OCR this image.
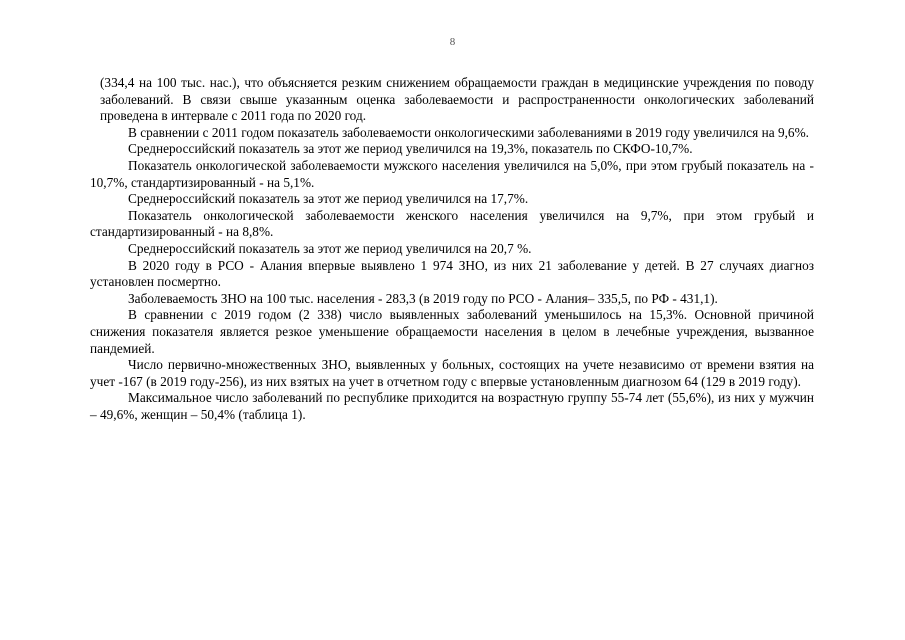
8

(334,4 на 100 тыс. нас.), что объясняется резким снижением обращаемости граждан в медицинские учреждения по поводу заболеваний. В связи свыше указанным оценка заболеваемости и распространенности онкологических заболеваний проведена в интервале с 2011 года по 2020 год.

В сравнении с 2011 годом показатель заболеваемости онкологическими заболеваниями в 2019 году увеличился на 9,6%.

Среднероссийский показатель за этот же период увеличился на 19,3%, показатель по СКФО-10,7%.

Показатель онкологической заболеваемости мужского населения увеличился на 5,0%, при этом грубый показатель на - 10,7%, стандартизированный - на 5,1%.

Среднероссийский показатель за этот же период увеличился на 17,7%.

Показатель онкологической заболеваемости женского населения увеличился на 9,7%, при этом грубый и стандартизированный - на 8,8%.

Среднероссийский показатель за этот же период увеличился на 20,7 %.

В 2020 году в РСО - Алания впервые выявлено 1 974 ЗНО, из них 21 заболевание у детей. В 27 случаях диагноз установлен посмертно.

Заболеваемость ЗНО на 100 тыс. населения - 283,3 (в 2019 году по РСО - Алания– 335,5, по РФ - 431,1).

В сравнении с 2019 годом (2 338) число выявленных заболеваний уменьшилось на 15,3%. Основной причиной снижения показателя является резкое уменьшение обращаемости населения в целом в лечебные учреждения, вызванное пандемией.

Число первично-множественных ЗНО, выявленных у больных, состоящих на учете независимо от времени взятия на учет -167 (в 2019 году-256), из них взятых на учет в отчетном году с впервые установленным диагнозом 64 (129 в 2019 году).

Максимальное число заболеваний по республике приходится на возрастную группу 55-74 лет (55,6%), из них у мужчин – 49,6%, женщин – 50,4% (таблица 1).
